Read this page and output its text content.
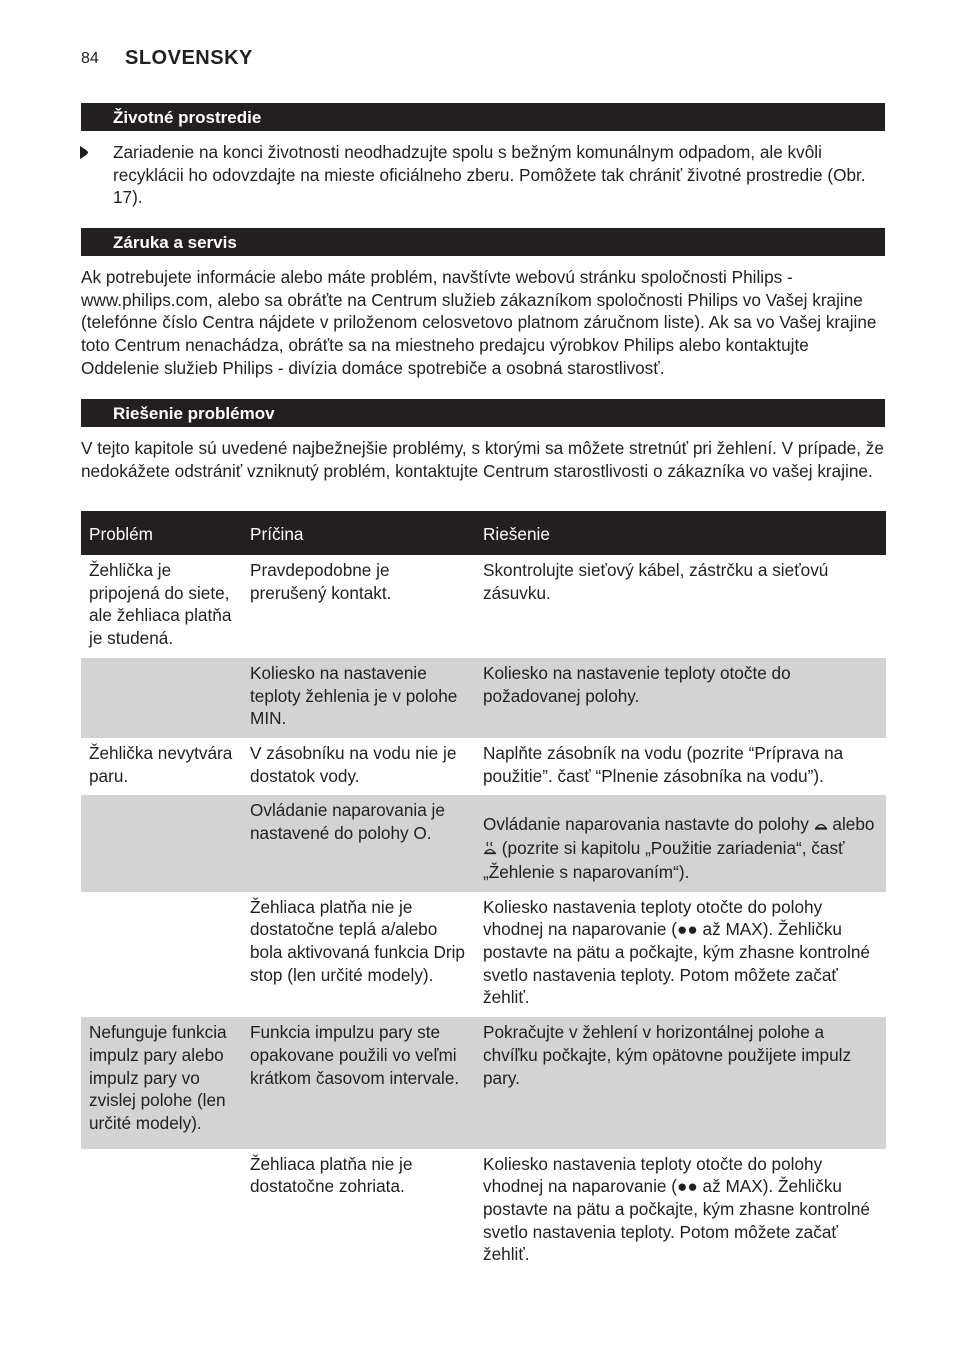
84 SLOVENSKY
Životné prostredie
Zariadenie na konci životnosti neodhadzujte spolu s bežným komunálnym odpadom, ale kvôli recyklácii ho odovzdajte na mieste oficiálneho zberu. Pomôžete tak chrániť životné prostredie (Obr. 17).
Záruka a servis
Ak potrebujete informácie alebo máte problém, navštívte webovú stránku spoločnosti Philips - www.philips.com, alebo sa obráťte na Centrum služieb zákazníkom spoločnosti Philips vo Vašej krajine (telefónne číslo Centra nájdete v priloženom celosvetovo platnom záručnom liste). Ak sa vo Vašej krajine toto Centrum nenachádza, obráťte sa na miestneho predajcu výrobkov Philips alebo kontaktujte Oddelenie služieb Philips - divízia domáce spotrebiče a osobná starostlivosť.
Riešenie problémov
V tejto kapitole sú uvedené najbežnejšie problémy, s ktorými sa môžete stretnúť pri žehlení. V prípade, že nedokážete odstrániť vzniknutý problém, kontaktujte Centrum starostlivosti o zákazníka vo vašej krajine.
Problém	Príčina	Riešenie
Žehlička je pripojená do siete, ale žehliaca platňa je studená.	Pravdepodobne je prerušený kontakt.	Skontrolujte sieťový kábel, zástrčku a sieťovú zásuvku.
	Koliesko na nastavenie teploty žehlenia je v polohe MIN.	Koliesko na nastavenie teploty otočte do požadovanej polohy.
Žehlička nevytvára paru.	V zásobníku na vodu nie je dostatok vody.	Naplňte zásobník na vodu (pozrite “Príprava na použitie”. časť “Plnenie zásobníka na vodu”).
	Ovládanie naparovania je nastavené do polohy O.	Ovládanie naparovania nastavte do polohy alebo  (pozrite si kapitolu „Použitie zariadenia“, časť „Žehlenie s naparovaním“).
	Žehliaca platňa nie je dostatočne teplá a/alebo bola aktivovaná funkcia Drip stop (len určité modely).	Koliesko nastavenia teploty otočte do polohy vhodnej na naparovanie (●● až MAX). Žehličku postavte na pätu a počkajte, kým zhasne kontrolné svetlo nastavenia teploty. Potom môžete začať žehliť.
Nefunguje funkcia impulz pary alebo impulz pary vo zvislej polohe (len určité modely).	Funkcia impulzu pary ste opakovane použili vo veľmi krátkom časovom intervale.	Pokračujte v žehlení v horizontálnej polohe a chvíľku počkajte, kým opätovne použijete impulz pary.
	Žehliaca platňa nie je dostatočne zohriata.	Koliesko nastavenia teploty otočte do polohy vhodnej na naparovanie (●● až MAX). Žehličku postavte na pätu a počkajte, kým zhasne kontrolné svetlo nastavenia teploty. Potom môžete začať žehliť.
